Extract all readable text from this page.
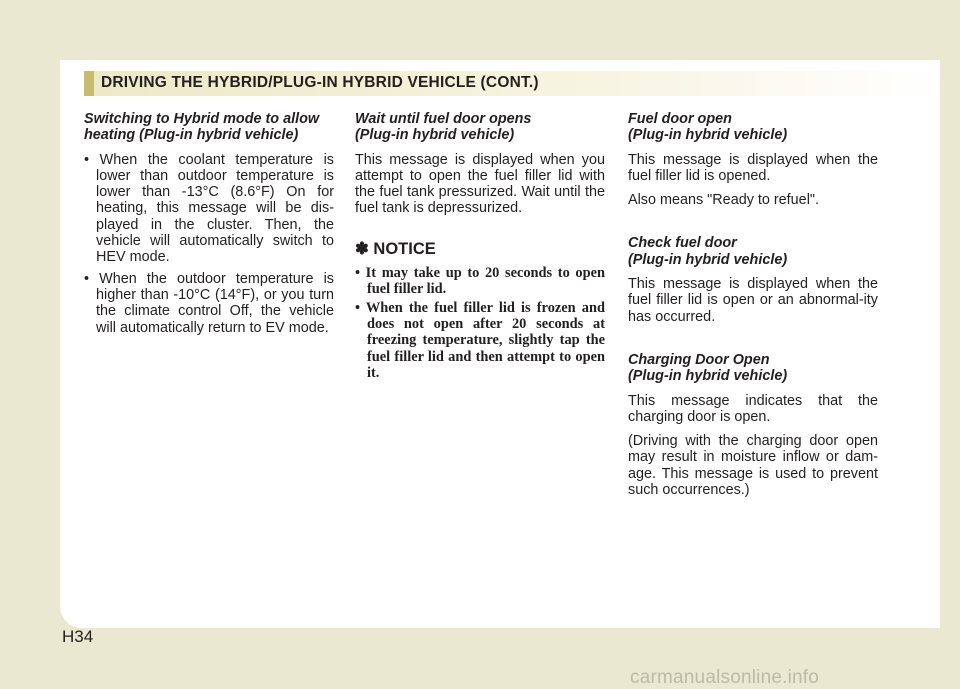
DRIVING THE HYBRID/PLUG-IN HYBRID VEHICLE (CONT.)
Switching to Hybrid mode to allow
heating (Plug-in hybrid vehicle)

• When the coolant temperature is lower than outdoor temperature is lower than -13°C (8.6°F) On for heating, this message will be dis-played in the cluster. Then, the vehicle will automatically switch to HEV mode.

• When the outdoor temperature is higher than -10°C (14°F), or you turn the climate control Off, the vehicle will automatically return to EV mode.

Wait until fuel door opens
(Plug-in hybrid vehicle)

This message is displayed when you attempt to open the fuel filler lid with the fuel tank pressurized. Wait until the fuel tank is depressurized.

✽ NOTICE

• It may take up to 20 seconds to open fuel filler lid.

• When the fuel filler lid is frozen and does not open after 20 seconds at freezing temperature, slightly tap the fuel filler lid and then attempt to open it.

Fuel door open
(Plug-in hybrid vehicle)

This message is displayed when the fuel filler lid is opened.

Also means "Ready to refuel".

Check fuel door
(Plug-in hybrid vehicle)

This message is displayed when the fuel filler lid is open or an abnormal-ity has occurred.

Charging Door Open
(Plug-in hybrid vehicle)

This message indicates that the charging door is open.

(Driving with the charging door open may result in moisture inflow or dam-age. This message is used to prevent such occurrences.)

H34
carmanualsonline.info
